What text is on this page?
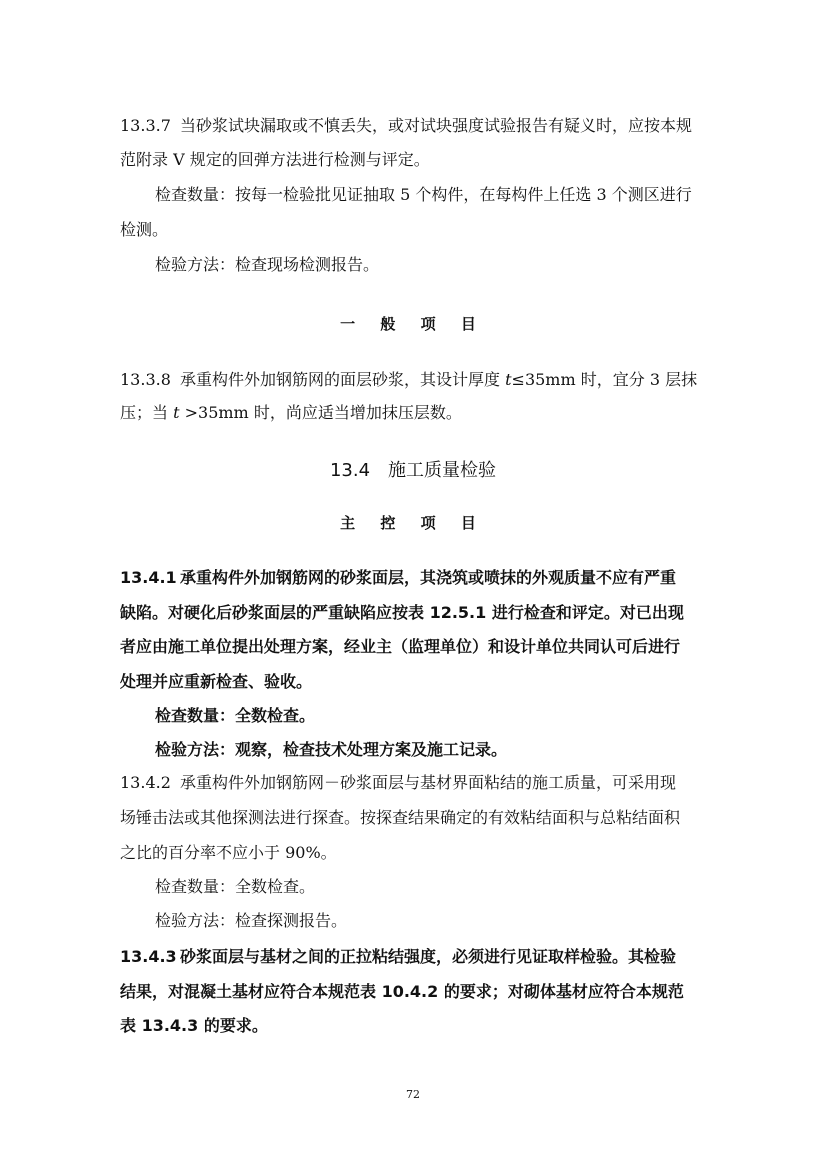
13.3.7 当砂浆试块漏取或不慎丢失，或对试块强度试验报告有疑义时，应按本规
范附录 V 规定的回弹方法进行检测与评定。
检查数量：按每一检验批见证抽取 5 个构件，在每构件上任选 3 个测区进行
检测。
检验方法：检查现场检测报告。
一 般 项 目
13.3.8 承重构件外加钢筋网的面层砂浆，其设计厚度 t≤35mm 时，宜分 3 层抹
压；当 t >35mm 时，尚应适当增加抹压层数。
13.4　施工质量检验
主 控 项 目
13.4.1 承重构件外加钢筋网的砂浆面层，其浇筑或喷抹的外观质量不应有严重
缺陷。对硬化后砂浆面层的严重缺陷应按表 12.5.1 进行检查和评定。对已出现
者应由施工单位提出处理方案，经业主（监理单位）和设计单位共同认可后进行
处理并应重新检查、验收。
检查数量：全数检查。
检验方法：观察，检查技术处理方案及施工记录。
13.4.2 承重构件外加钢筋网－砂浆面层与基材界面粘结的施工质量，可采用现
场锤击法或其他探测法进行探查。按探查结果确定的有效粘结面积与总粘结面积
之比的百分率不应小于 90%。
检查数量：全数检查。
检验方法：检查探测报告。
13.4.3 砂浆面层与基材之间的正拉粘结强度，必须进行见证取样检验。其检验
结果，对混凝土基材应符合本规范表 10.4.2 的要求；对砌体基材应符合本规范
表 13.4.3 的要求。
72
